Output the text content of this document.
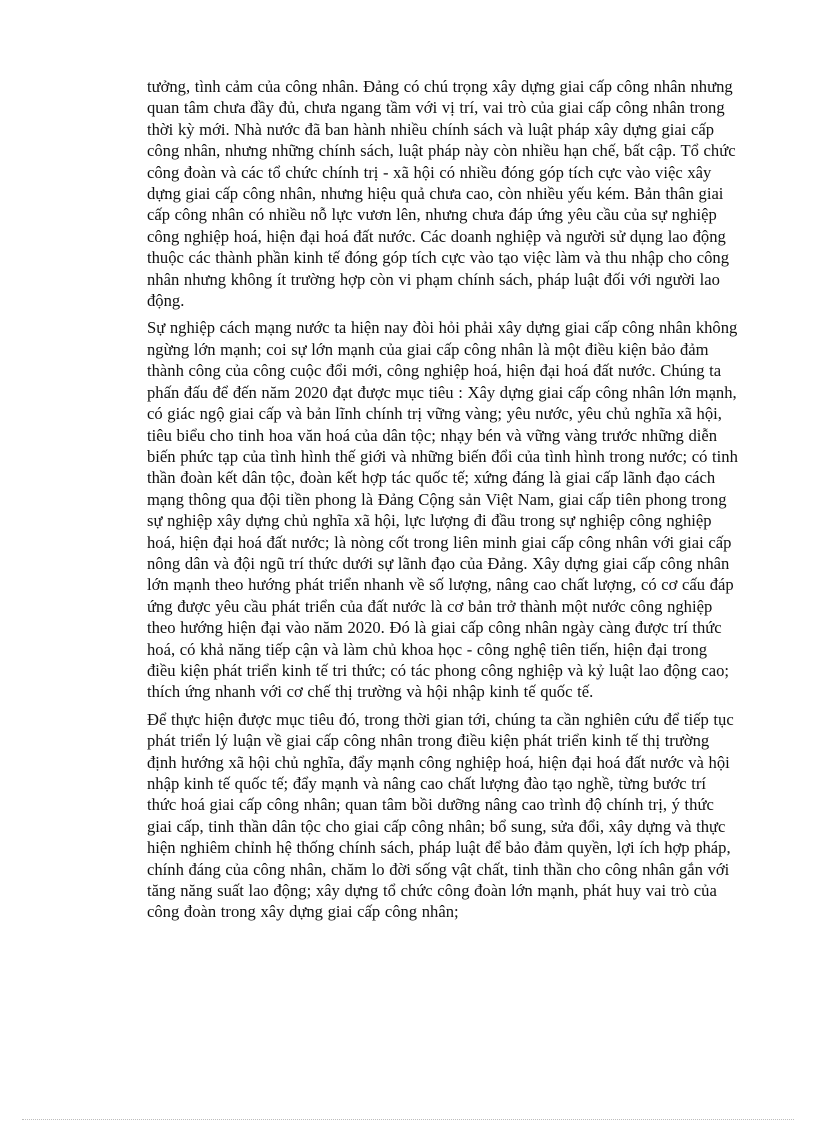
tưởng, tình cảm của công nhân. Đảng có chú trọng xây dựng giai cấp công nhân nhưng quan tâm chưa đầy đủ, chưa ngang tầm với vị trí, vai trò của giai cấp công nhân trong thời kỳ mới. Nhà nước đã ban hành nhiều chính sách và luật pháp xây dựng giai cấp công nhân, nhưng những chính sách, luật pháp này còn nhiều hạn chế, bất cập. Tổ chức công đoàn và các tổ chức chính trị - xã hội có nhiều đóng góp tích cực vào việc xây dựng giai cấp công nhân, nhưng hiệu quả chưa cao, còn nhiều yếu kém. Bản thân giai cấp công nhân có nhiều nỗ lực vươn lên, nhưng chưa đáp ứng yêu cầu của sự nghiệp công nghiệp hoá, hiện đại hoá đất nước. Các doanh nghiệp và người sử dụng lao động thuộc các thành phần kinh tế đóng góp tích cực vào tạo việc làm và thu nhập cho công nhân nhưng không ít trường hợp còn vi phạm chính sách, pháp luật đối với người lao động.

Sự nghiệp cách mạng nước ta hiện nay đòi hỏi phải xây dựng giai cấp công nhân không ngừng lớn mạnh; coi sự lớn mạnh của giai cấp công nhân là một điều kiện bảo đảm thành công của công cuộc đổi mới, công nghiệp hoá, hiện đại hoá đất nước. Chúng ta phấn đấu để đến năm 2020 đạt được mục tiêu : Xây dựng giai cấp công nhân lớn mạnh, có giác ngộ giai cấp và bản lĩnh chính trị vững vàng; yêu nước, yêu chủ nghĩa xã hội, tiêu biểu cho tinh hoa văn hoá của dân tộc; nhạy bén và vững vàng trước những diễn biến phức tạp của tình hình thế giới và những biến đổi của tình hình trong nước; có tinh thần đoàn kết dân tộc, đoàn kết hợp tác quốc tế; xứng đáng là giai cấp lãnh đạo cách mạng thông qua đội tiền phong là Đảng Cộng sản Việt Nam, giai cấp tiên phong trong sự nghiệp xây dựng chủ nghĩa xã hội, lực lượng đi đầu trong sự nghiệp công nghiệp hoá, hiện đại hoá đất nước; là nòng cốt trong liên minh giai cấp công nhân với giai cấp nông dân và đội ngũ trí thức dưới sự lãnh đạo của Đảng. Xây dựng giai cấp công nhân lớn mạnh theo hướng phát triển nhanh về số lượng, nâng cao chất lượng, có cơ cấu đáp ứng được yêu cầu phát triển của đất nước là cơ bản trở thành một nước công nghiệp theo hướng hiện đại vào năm 2020. Đó là giai cấp công nhân ngày càng được trí thức hoá, có khả năng tiếp cận và làm chủ khoa học - công nghệ tiên tiến, hiện đại trong điều kiện phát triển kinh tế tri thức; có tác phong công nghiệp và kỷ luật lao động cao; thích ứng nhanh với cơ chế thị trường và hội nhập kinh tế quốc tế.

Để thực hiện được mục tiêu đó, trong thời gian tới, chúng ta cần nghiên cứu để tiếp tục phát triển lý luận về giai cấp công nhân trong điều kiện phát triển kinh tế thị trường định hướng xã hội chủ nghĩa, đẩy mạnh công nghiệp hoá, hiện đại hoá đất nước và hội nhập kinh tế quốc tế; đẩy mạnh và nâng cao chất lượng đào tạo nghề, từng bước trí thức hoá giai cấp công nhân; quan tâm bồi dưỡng nâng cao trình độ chính trị, ý thức giai cấp, tinh thần dân tộc cho giai cấp công nhân; bổ sung, sửa đổi, xây dựng và thực hiện nghiêm chỉnh hệ thống chính sách, pháp luật để bảo đảm quyền, lợi ích hợp pháp, chính đáng của công nhân, chăm lo đời sống vật chất, tinh thần cho công nhân gắn với tăng năng suất lao động; xây dựng tổ chức công đoàn lớn mạnh, phát huy vai trò của công đoàn trong xây dựng giai cấp công nhân;
